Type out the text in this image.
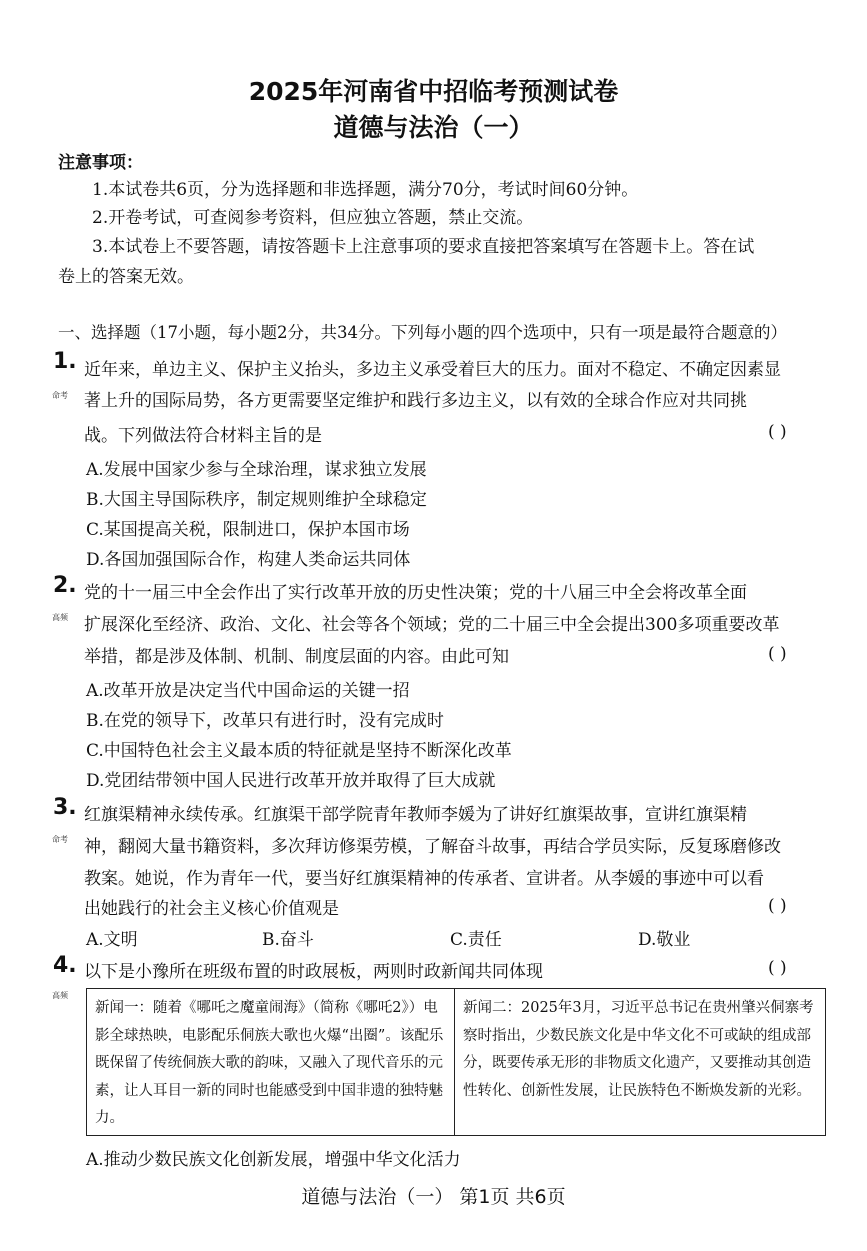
2025年河南省中招临考预测试卷
道德与法治（一）
注意事项：
1.本试卷共6页，分为选择题和非选择题，满分70分，考试时间60分钟。
2.开卷考试，可查阅参考资料，但应独立答题，禁止交流。
3.本试卷上不要答题，请按答题卡上注意事项的要求直接把答案填写在答题卡上。答在试
卷上的答案无效。
一、选择题（17小题，每小题2分，共34分。下列每小题的四个选项中，只有一项是最符合题意的）
1.
命考
近年来，单边主义、保护主义抬头，多边主义承受着巨大的压力。面对不稳定、不确定因素显
著上升的国际局势，各方更需要坚定维护和践行多边主义，以有效的全球合作应对共同挑
战。下列做法符合材料主旨的是	( )
A.发展中国家少参与全球治理，谋求独立发展
B.大国主导国际秩序，制定规则维护全球稳定
C.某国提高关税，限制进口，保护本国市场
D.各国加强国际合作，构建人类命运共同体
2.
高频
党的十一届三中全会作出了实行改革开放的历史性决策；党的十八届三中全会将改革全面
扩展深化至经济、政治、文化、社会等各个领域；党的二十届三中全会提出300多项重要改革
举措，都是涉及体制、机制、制度层面的内容。由此可知	( )
A.改革开放是决定当代中国命运的关键一招
B.在党的领导下，改革只有进行时，没有完成时
C.中国特色社会主义最本质的特征就是坚持不断深化改革
D.党团结带领中国人民进行改革开放并取得了巨大成就
3.
命考
红旗渠精神永续传承。红旗渠干部学院青年教师李媛为了讲好红旗渠故事，宣讲红旗渠精
神，翻阅大量书籍资料，多次拜访修渠劳模，了解奋斗故事，再结合学员实际，反复琢磨修改
教案。她说，作为青年一代，要当好红旗渠精神的传承者、宣讲者。从李媛的事迹中可以看
出她践行的社会主义核心价值观是	( )
A.文明	B.奋斗	C.责任	D.敬业
4.
高频
以下是小豫所在班级布置的时政展板，两则时政新闻共同体现	( )
新闻一：随着《哪吒之魔童闹海》（简称《哪吒2》）电影全球热映，电影配乐侗族大歌也火爆“出圈”。该配乐既保留了传统侗族大歌的韵味，又融入了现代音乐的元素，让人耳目一新的同时也能感受到中国非遗的独特魅力。
新闻二：2025年3月，习近平总书记在贵州肇兴侗寨考察时指出，少数民族文化是中华文化不可或缺的组成部分，既要传承无形的非物质文化遗产，又要推动其创造性转化、创新性发展，让民族特色不断焕发新的光彩。
A.推动少数民族文化创新发展，增强中华文化活力
道德与法治（一） 第1页 共6页
